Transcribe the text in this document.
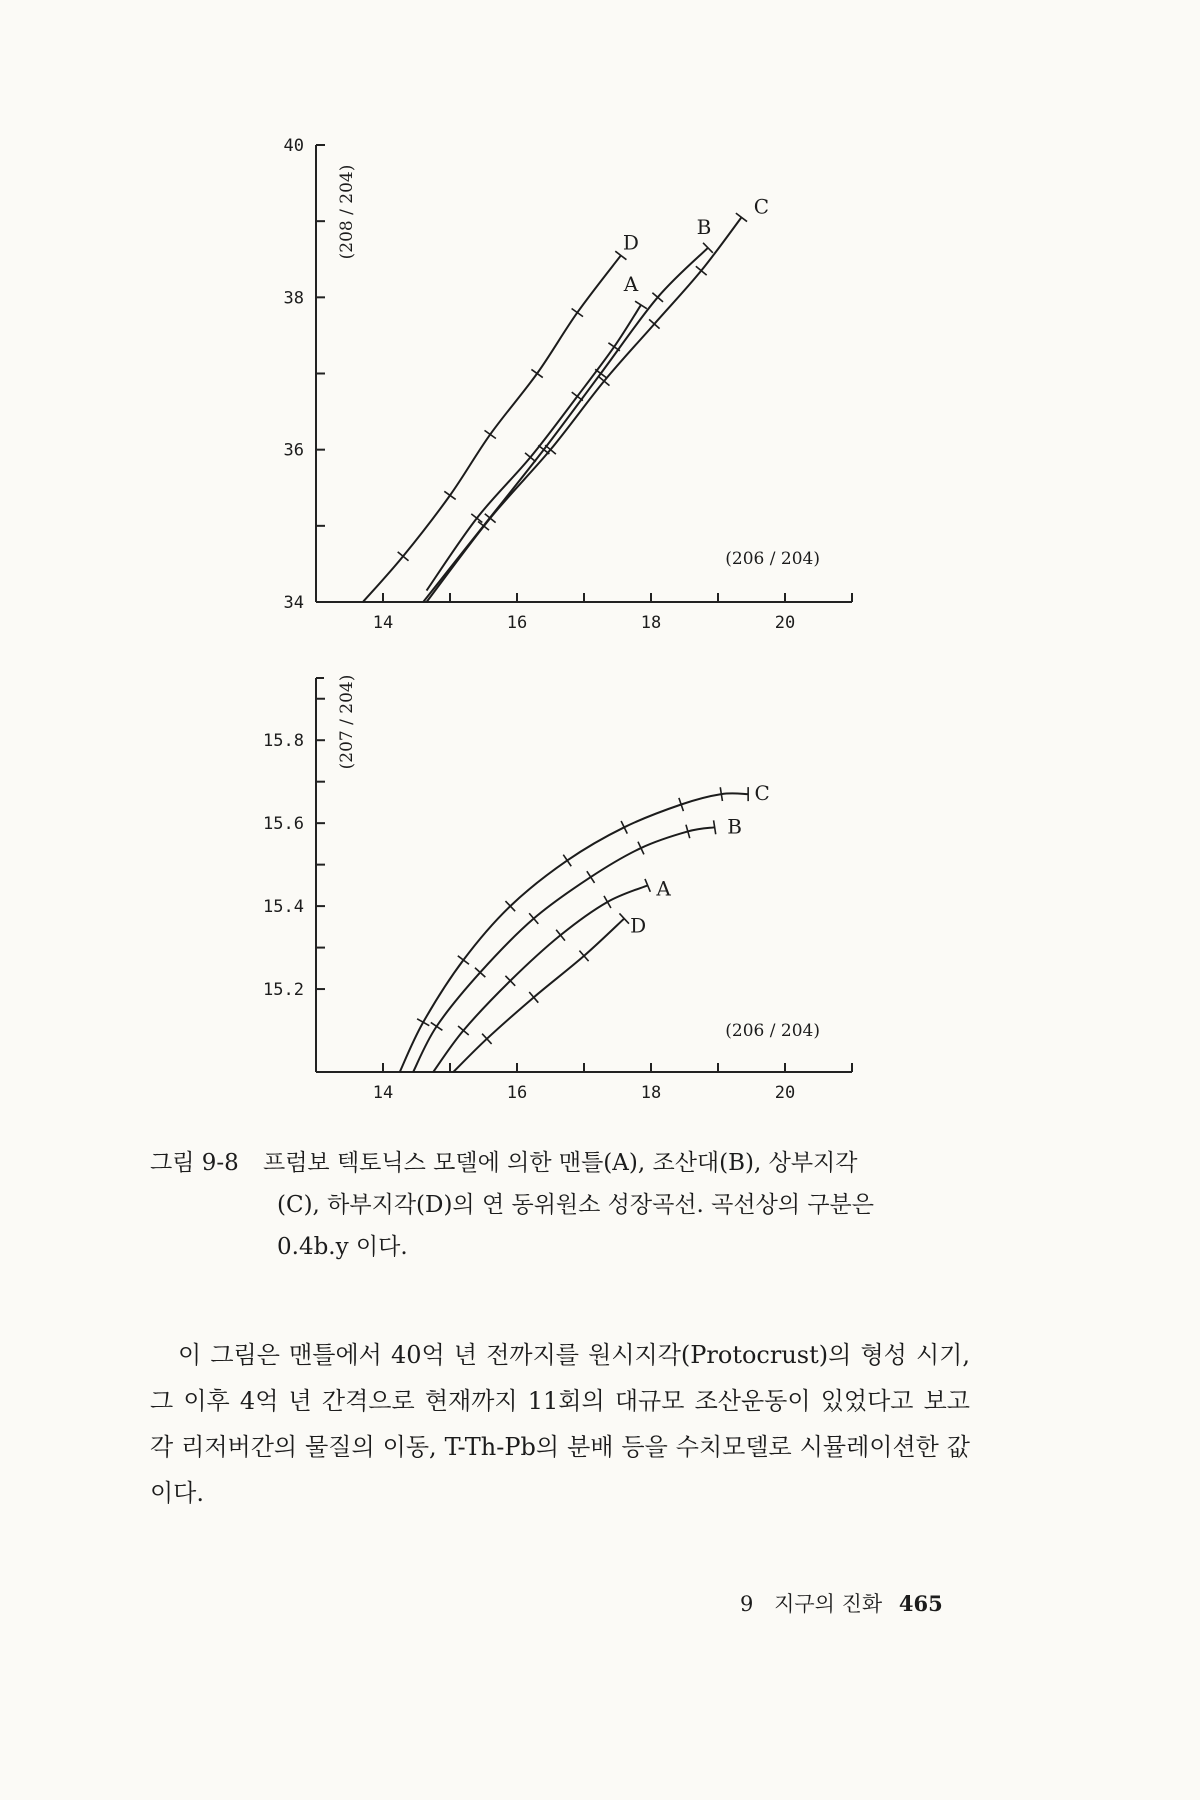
34
36
38
40
14	16	18	20
(208 / 204)
(206 / 204)
D
A
B
C
15.2
15.4
15.6
15.8
14	16	18	20
(207 / 204)
(206 / 204)
C
B
A
D
그림 9-8 프럼보 텍토닉스 모델에 의한 맨틀(A), 조산대(B), 상부지각
(C), 하부지각(D)의 연 동위원소 성장곡선. 곡선상의 구분은
0.4b.y 이다.
이 그림은 맨틀에서 40억 년 전까지를 원시지각(Protocrust)의 형성 시기, 그 이후 4억 년 간격으로 현재까지 11회의 대규모 조산운동이 있었다고 보고 각 리저버간의 물질의 이동, T-Th-Pb의 분배 등을 수치모델로 시뮬레이션한 값이다.
9 지구의 진화 465
